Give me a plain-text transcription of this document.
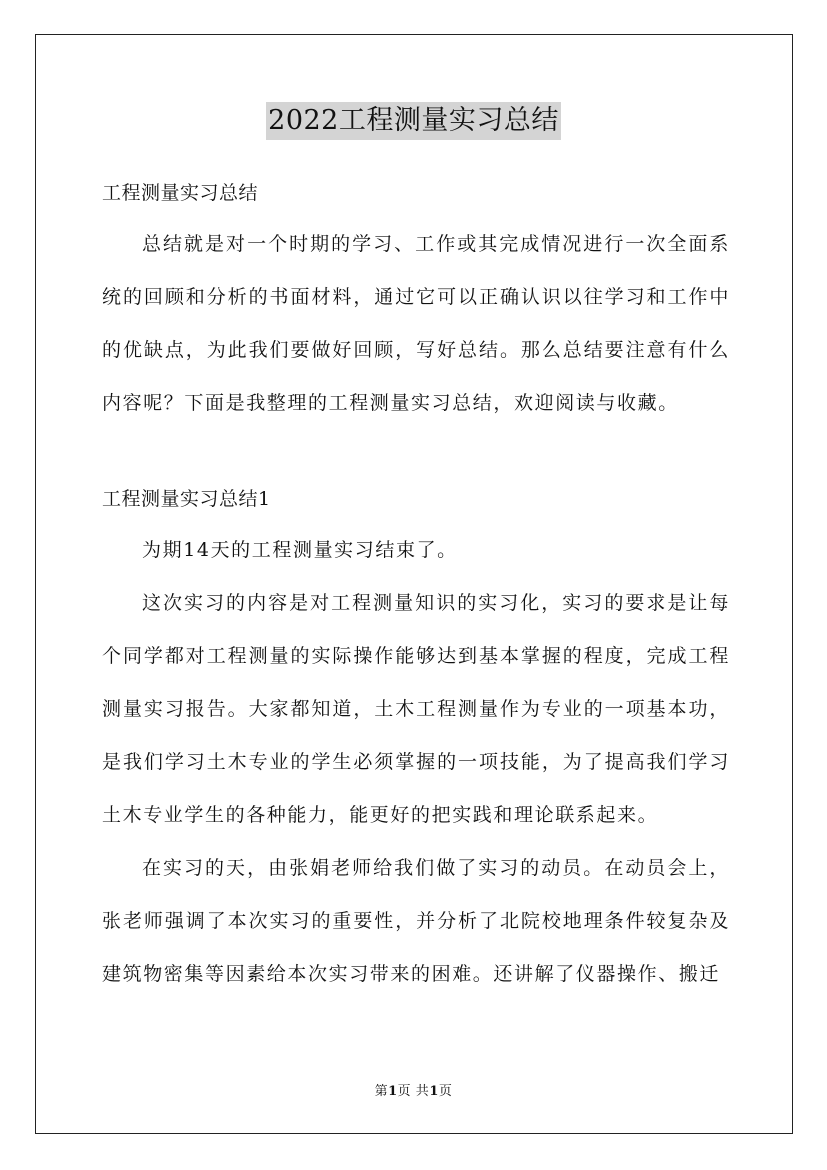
2022工程测量实习总结

工程测量实习总结

总结就是对一个时期的学习、工作或其完成情况进行一次全面系统的回顾和分析的书面材料，通过它可以正确认识以往学习和工作中的优缺点，为此我们要做好回顾，写好总结。那么总结要注意有什么内容呢？下面是我整理的工程测量实习总结，欢迎阅读与收藏。

工程测量实习总结1

为期14天的工程测量实习结束了。

这次实习的内容是对工程测量知识的实习化，实习的要求是让每个同学都对工程测量的实际操作能够达到基本掌握的程度，完成工程测量实习报告。大家都知道，土木工程测量作为专业的一项基本功，是我们学习土木专业的学生必须掌握的一项技能，为了提高我们学习土木专业学生的各种能力，能更好的把实践和理论联系起来。

在实习的天，由张娟老师给我们做了实习的动员。在动员会上，张老师强调了本次实习的重要性，并分析了北院校地理条件较复杂及建筑物密集等因素给本次实习带来的困难。还讲解了仪器操作、搬迁

第1页 共1页
